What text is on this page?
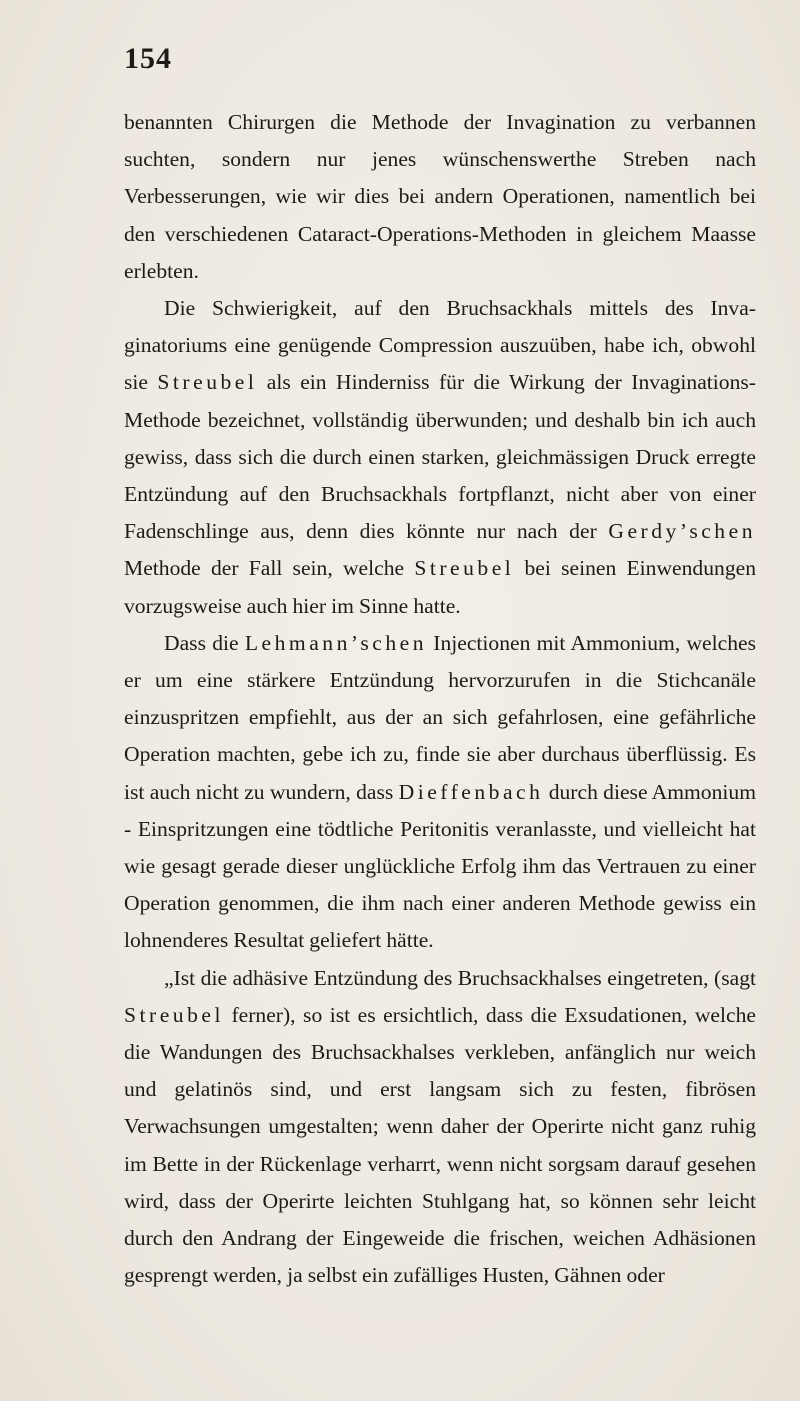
154

benannten Chirurgen die Methode der Invagination zu verbannen suchten, sondern nur jenes wünschenswerthe Streben nach Verbesserungen, wie wir dies bei andern Operationen, namentlich bei den verschiedenen Cataract-Operations-Methoden in gleichem Maasse erlebten.

Die Schwierigkeit, auf den Bruchsackhals mittels des Invaginatoriums eine genügende Compression auszuüben, habe ich, obwohl sie Streubel als ein Hinderniss für die Wirkung der Invaginations-Methode bezeichnet, vollständig überwunden; und deshalb bin ich auch gewiss, dass sich die durch einen starken, gleichmässigen Druck erregte Entzündung auf den Bruchsackhals fortpflanzt, nicht aber von einer Fadenschlinge aus, denn dies könnte nur nach der Gerdy’schen Methode der Fall sein, welche Streubel bei seinen Einwendungen vorzugsweise auch hier im Sinne hatte.

Dass die Lehmann’schen Injectionen mit Ammonium, welches er um eine stärkere Entzündung hervorzurufen in die Stichcanäle einzuspritzen empfiehlt, aus der an sich gefahrlosen, eine gefährliche Operation machten, gebe ich zu, finde sie aber durchaus überflüssig. Es ist auch nicht zu wundern, dass Dieffenbach durch diese Ammonium - Einspritzungen eine tödtliche Peritonitis veranlasste, und vielleicht hat wie gesagt gerade dieser unglückliche Erfolg ihm das Vertrauen zu einer Operation genommen, die ihm nach einer anderen Methode gewiss ein lohnenderes Resultat geliefert hätte.

„Ist die adhäsive Entzündung des Bruchsackhalses eingetreten, (sagt Streubel ferner), so ist es ersichtlich, dass die Exsudationen, welche die Wandungen des Bruchsackhalses verkleben, anfänglich nur weich und gelatinös sind, und erst langsam sich zu festen, fibrösen Verwachsungen umgestalten; wenn daher der Operirte nicht ganz ruhig im Bette in der Rückenlage verharrt, wenn nicht sorgsam darauf gesehen wird, dass der Operirte leichten Stuhlgang hat, so können sehr leicht durch den Andrang der Eingeweide die frischen, weichen Adhäsionen gesprengt werden, ja selbst ein zufälliges Husten, Gähnen oder
